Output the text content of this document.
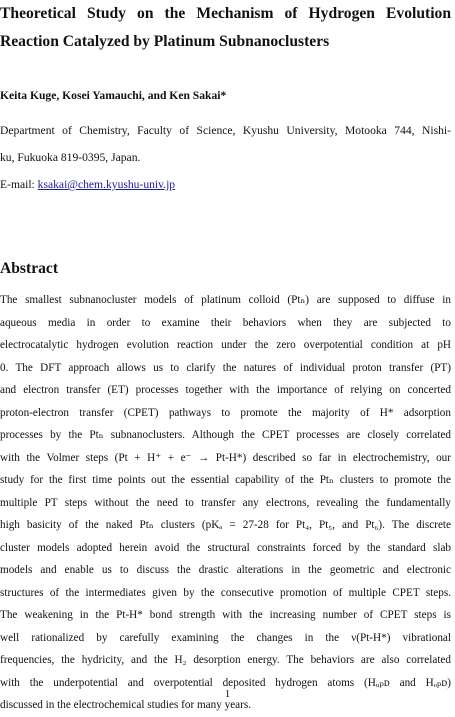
Theoretical Study on the Mechanism of Hydrogen Evolution
Reaction Catalyzed by Platinum Subnanoclusters
Keita Kuge, Kosei Yamauchi, and Ken Sakai*

Department of Chemistry, Faculty of Science, Kyushu University, Motooka 744, Nishi-
ku, Fukuoka 819-0395, Japan.

E-mail: ksakai@chem.kyushu-univ.jp
Abstract
The smallest subnanocluster models of platinum colloid (Ptₙ) are supposed to diffuse in
aqueous media in order to examine their behaviors when they are subjected to
electrocatalytic hydrogen evolution reaction under the zero overpotential condition at pH
0. The DFT approach allows us to clarify the natures of individual proton transfer (PT)
and electron transfer (ET) processes together with the importance of relying on concerted
proton-electron transfer (CPET) pathways to promote the majority of H* adsorption
processes by the Ptₙ subnanoclusters. Although the CPET processes are closely correlated
with the Volmer steps (Pt + H⁺ + e⁻ → Pt-H*) described so far in electrochemistry, our
study for the first time points out the essential capability of the Ptₙ clusters to promote the
multiple PT steps without the need to transfer any electrons, revealing the fundamentally
high basicity of the naked Ptₙ clusters (pKₐ = 27-28 for Pt₄, Pt₅, and Pt₆). The discrete
cluster models adopted herein avoid the structural constraints forced by the standard slab
models and enable us to discuss the drastic alterations in the geometric and electronic
structures of the intermediates given by the consecutive promotion of multiple CPET steps.
The weakening in the Pt-H* bond strength with the increasing number of CPET steps is
well rationalized by carefully examining the changes in the ν(Pt-H*) vibrational
frequencies, the hydricity, and the H₂ desorption energy. The behaviors are also correlated
with the underpotential and overpotential deposited hydrogen atoms (Hᵤₚᴅ and Hₒₚᴅ)
discussed in the electrochemical studies for many years.
1
